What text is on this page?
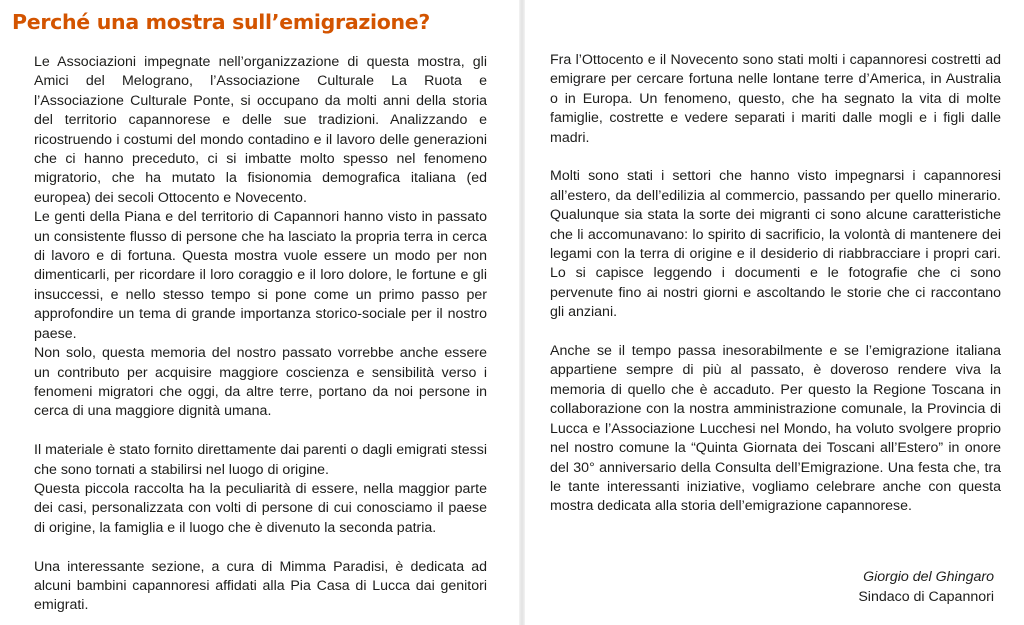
Perché una mostra sull’emigrazione?

Le Associazioni impegnate nell’organizzazione di questa mostra, gli Amici del Melograno, l’Associazione Culturale La Ruota e l’Associazione Culturale Ponte, si occupano da molti anni della storia del territorio capannorese e delle sue tradizioni. Analizzando e ricostruendo i costumi del mondo contadino e il lavoro delle generazioni che ci hanno preceduto, ci si imbatte molto spesso nel fenomeno migratorio, che ha mutato la fisionomia demografica italiana (ed europea) dei secoli Ottocento e Novecento.

Le genti della Piana e del territorio di Capannori hanno visto in passato un consistente flusso di persone che ha lasciato la propria terra in cerca di lavoro e di fortuna. Questa mostra vuole essere un modo per non dimenticarli, per ricordare il loro coraggio e il loro dolore, le fortune e gli insuccessi, e nello stesso tempo si pone come un primo passo per approfondire un tema di grande importanza storico-sociale per il nostro paese.

Non solo, questa memoria del nostro passato vorrebbe anche essere un contributo per acquisire maggiore coscienza e sensibilità verso i fenomeni migratori che oggi, da altre terre, portano da noi persone in cerca di una maggiore dignità umana.

Il materiale è stato fornito direttamente dai parenti o dagli emigrati stessi che sono tornati a stabilirsi nel luogo di origine.

Questa piccola raccolta ha la peculiarità di essere, nella maggior parte dei casi, personalizzata con volti di persone di cui conosciamo il paese di origine, la famiglia e il luogo che è divenuto la seconda patria.

Una interessante sezione, a cura di Mimma Paradisi, è dedicata ad alcuni bambini capannoresi affidati alla Pia Casa di Lucca dai genitori emigrati.

Fra l’Ottocento e il Novecento sono stati molti i capannoresi costretti ad emigrare per cercare fortuna nelle lontane terre d’America, in Australia o in Europa. Un fenomeno, questo, che ha segnato la vita di molte famiglie, costrette e vedere separati i mariti dalle mogli e i figli dalle madri.

Molti sono stati i settori che hanno visto impegnarsi i capannoresi all’estero, da dell’edilizia al commercio, passando per quello minerario. Qualunque sia stata la sorte dei migranti ci sono alcune caratteristiche che li accomunavano: lo spirito di sacrificio, la volontà di mantenere dei legami con la terra di origine e il desiderio di riabbracciare i propri cari. Lo si capisce leggendo i documenti e le fotografie che ci sono pervenute fino ai nostri giorni e ascoltando le storie che ci raccontano gli anziani.

Anche se il tempo passa inesorabilmente e se l’emigrazione italiana appartiene sempre di più al passato, è doveroso rendere viva la memoria di quello che è accaduto. Per questo la Regione Toscana in collaborazione con la nostra amministrazione comunale, la Provincia di Lucca e l’Associazione Lucchesi nel Mondo, ha voluto svolgere proprio nel nostro comune la “Quinta Giornata dei Toscani all’Estero” in onore del 30° anniversario della Consulta dell’Emigrazione. Una festa che, tra le tante interessanti iniziative, vogliamo celebrare anche con questa mostra dedicata alla storia dell’emigrazione capannorese.

Giorgio del Ghingaro
Sindaco di Capannori
